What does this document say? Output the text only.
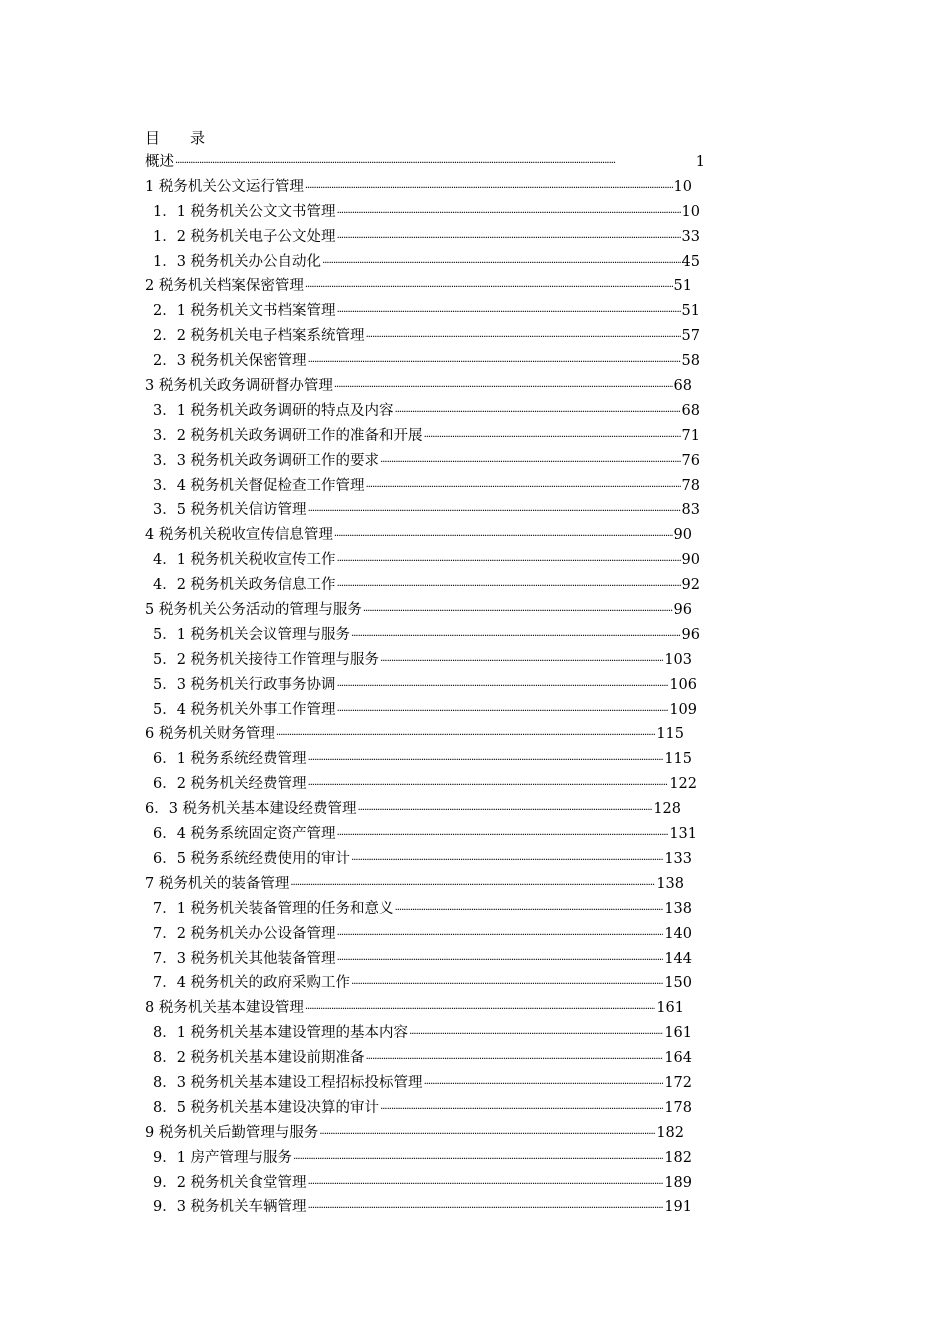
目 录
概述 ·····	1
1 税务机关公文运行管理 ·····	10
1．1 税务机关公文文书管理 ·····	10
1．2 税务机关电子公文处理 ·····	33
1．3 税务机关办公自动化 ·····	45
2 税务机关档案保密管理 ·····	51
2．1 税务机关文书档案管理 ·····	51
2．2 税务机关电子档案系统管理 ·····	57
2．3 税务机关保密管理 ·····	58
3 税务机关政务调研督办管理 ·····	68
3．1 税务机关政务调研的特点及内容 ·····	68
3．2 税务机关政务调研工作的准备和开展 ·····	71
3．3 税务机关政务调研工作的要求 ·····	76
3．4 税务机关督促检查工作管理 ·····	78
3．5 税务机关信访管理 ·····	83
4 税务机关税收宣传信息管理 ·····	90
4．1 税务机关税收宣传工作 ·····	90
4．2 税务机关政务信息工作 ·····	92
5 税务机关公务活动的管理与服务 ·····	96
5．1 税务机关会议管理与服务 ·····	96
5．2 税务机关接待工作管理与服务 ·····	103
5．3 税务机关行政事务协调 ·····	106
5．4 税务机关外事工作管理 ·····	109
6 税务机关财务管理 ·····	115
6．1 税务系统经费管理 ·····	115
6．2 税务机关经费管理 ·····	122
6．3 税务机关基本建设经费管理 ·····	128
6．4 税务系统固定资产管理 ·····	131
6．5 税务系统经费使用的审计 ·····	133
7 税务机关的装备管理 ·····	138
7．1 税务机关装备管理的任务和意义 ·····	138
7．2 税务机关办公设备管理 ·····	140
7．3 税务机关其他装备管理 ·····	144
7．4 税务机关的政府采购工作 ·····	150
8 税务机关基本建设管理 ·····	161
8．1 税务机关基本建设管理的基本内容 ·····	161
8．2 税务机关基本建设前期准备 ·····	164
8．3 税务机关基本建设工程招标投标管理 ·····	172
8．5 税务机关基本建设决算的审计 ·····	178
9 税务机关后勤管理与服务 ·····	182
9．1 房产管理与服务 ·····	182
9．2 税务机关食堂管理 ·····	189
9．3 税务机关车辆管理 ·····	191
